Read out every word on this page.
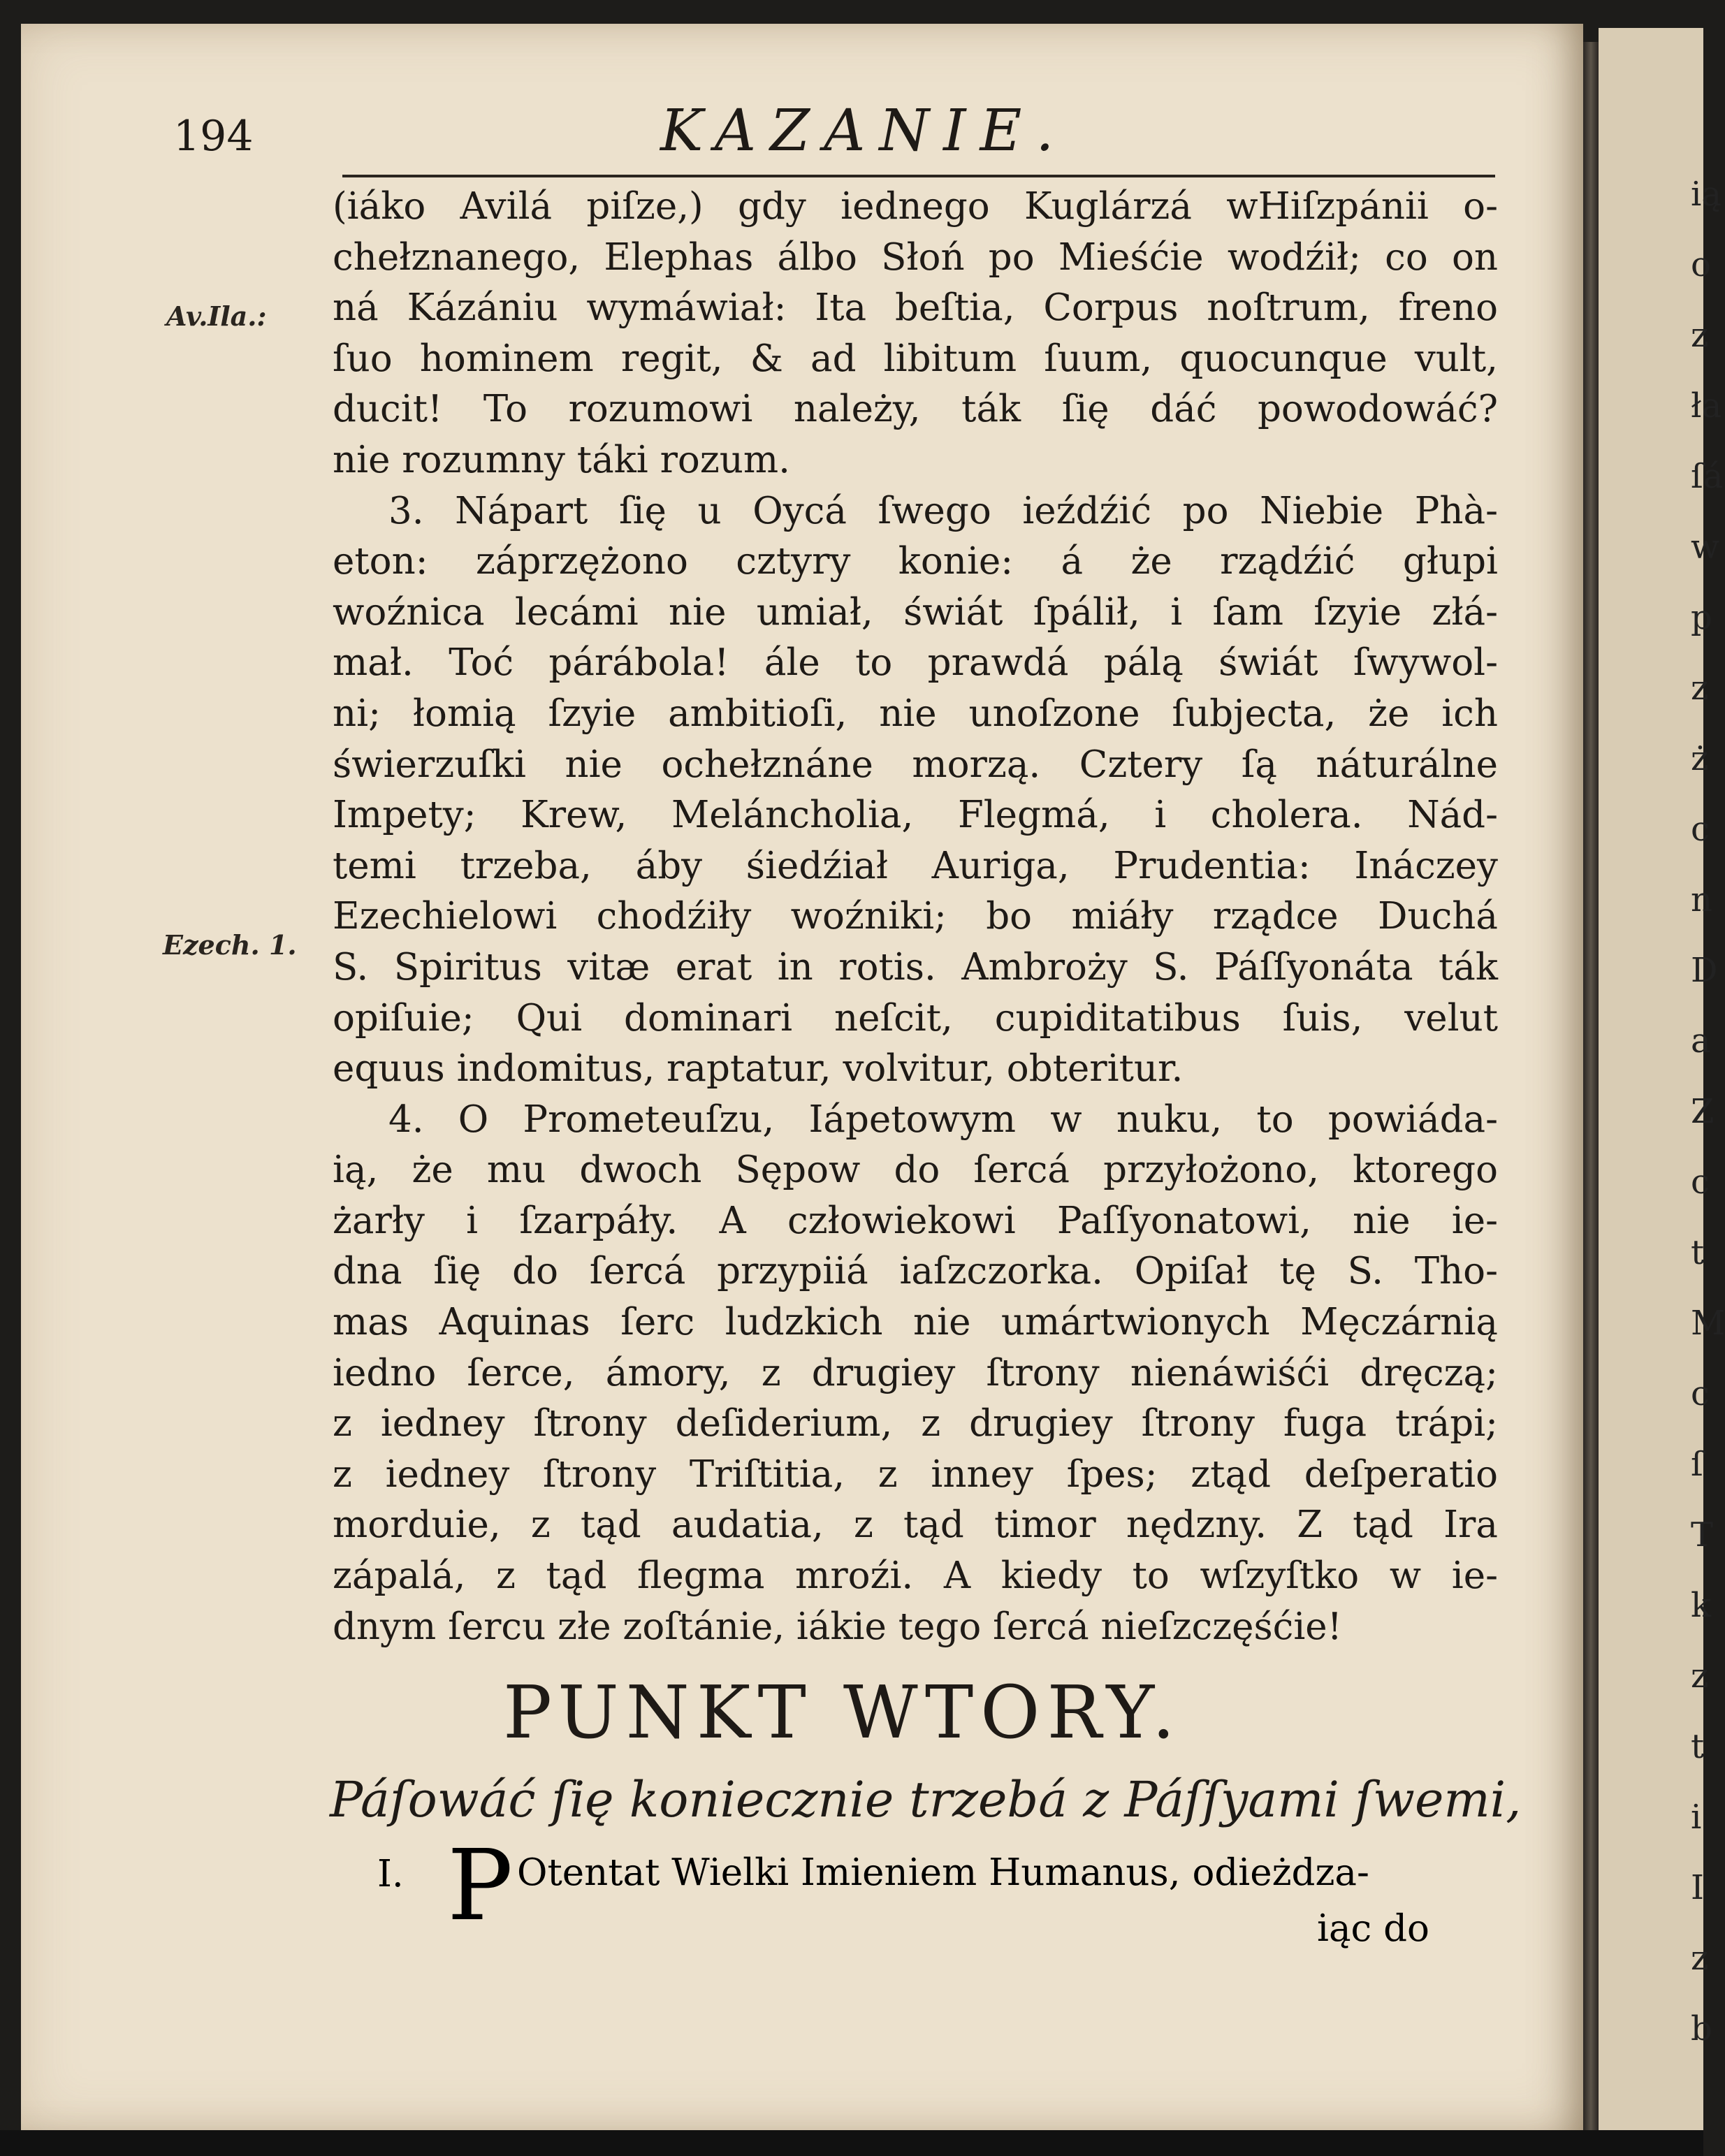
194	KAZANIE.
Av.Ila.:
Ezech. 1.
(iáko Avilá piſze,) gdy iednego Kuglárzá wHiſzpánii o-
chełznanego, Elephas álbo Słoń po Mieśćie wodźił; co on
ná Kázániu wymáwiał: Ita beſtia, Corpus noſtrum, freno
ſuo hominem regit, & ad libitum ſuum, quocunque vult,
ducit! To rozumowi należy, ták ſię dáć powodowáć?
nie rozumny táki rozum.
3. Nápart ſię u Oycá ſwego ieźdźić po Niebie Phà-
eton: záprzężono cztyry konie: á że rządźić głupi
woźnica lecámi nie umiał, świát ſpálił, i ſam ſzyie złá-
mał. Toć párábola! ále to prawdá pálą świát ſwywol-
ni; łomią ſzyie ambitioſi, nie unoſzone ſubjecta, że ich
świerzuſki nie ochełznáne morzą. Cztery ſą náturálne
Impety; Krew, Meláncholia, Flegmá, i cholera. Nád-
temi trzeba, áby śiedźiał Auriga, Prudentia: Ináczey
Ezechielowi chodźiły woźniki; bo miáły rządce Duchá
S. Spiritus vitæ erat in rotis. Ambroży S. Páſſyonáta ták
opiſuie; Qui dominari neſcit, cupiditatibus ſuis, velut
equus indomitus, raptatur, volvitur, obteritur.
4. O Prometeuſzu, Iápetowym w nuku, to powiáda-
ią, że mu dwoch Sępow do ſercá przyłożono, ktorego
żarły i ſzarpáły. A człowiekowi Paſſyonatowi, nie ie-
dna ſię do ſercá przypiiá iaſzczorka. Opiſał tę S. Tho-
mas Aquinas ſerc ludzkich nie umártwionych Męczárnią
iedno ſerce, ámory, z drugiey ſtrony nienáwiśći dręczą;
z iedney ſtrony deſiderium, z drugiey ſtrony fuga trápi;
z iedney ſtrony Triſtitia, z inney ſpes; ztąd deſperatio
morduie, z tąd audatia, z tąd timor nędzny. Z tąd Ira
zápalá, z tąd flegma mroźi. A kiedy to wſzyſtko w ie-
dnym ſercu złe zoſtánie, iákie tego ſercá nieſzczęśćie!
PUNKT WTORY.
Páſowáć ſię koniecznie trzebá z Páſſyami ſwemi,
I. P Otentat Wielki Imieniem Humanus, odieżdza-
iąc do
ią
o
z
ła
ſá
w
p
z
ż
c
n
D
a
Z
c
t
M
c
ſ
T
k
z
t
i
I
z
b
